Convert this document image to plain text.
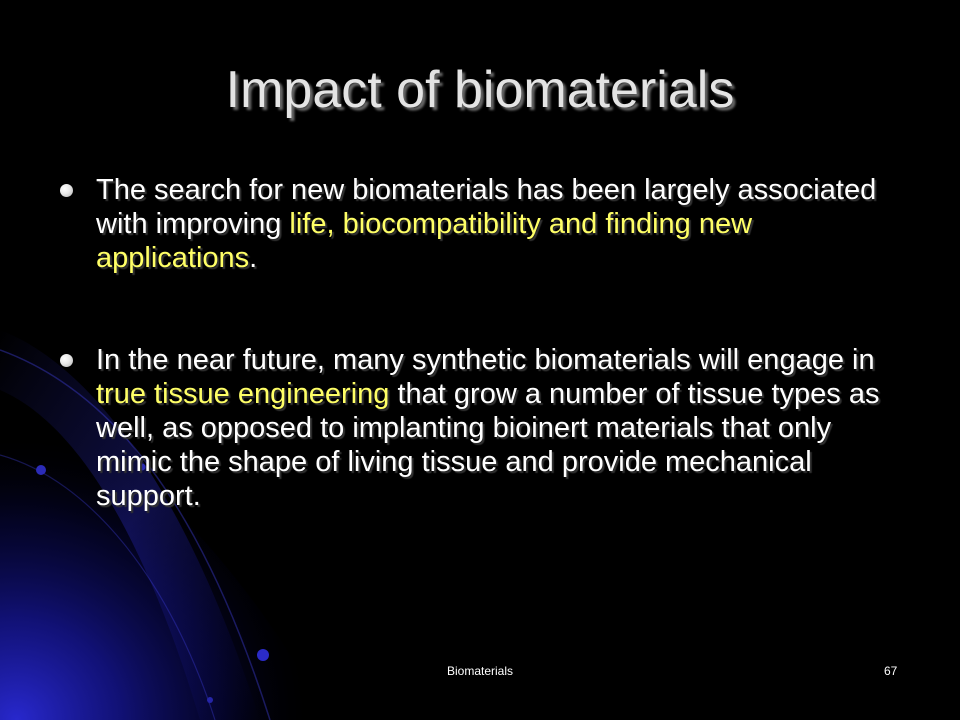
Impact of biomaterials
The search for new biomaterials has been largely associated with improving life, biocompatibility and finding new applications.
In the near future, many synthetic biomaterials will engage in true tissue engineering that grow a number of tissue types as well, as opposed to implanting bioinert materials that only mimic the shape of living tissue and provide mechanical support.
Biomaterials	67
